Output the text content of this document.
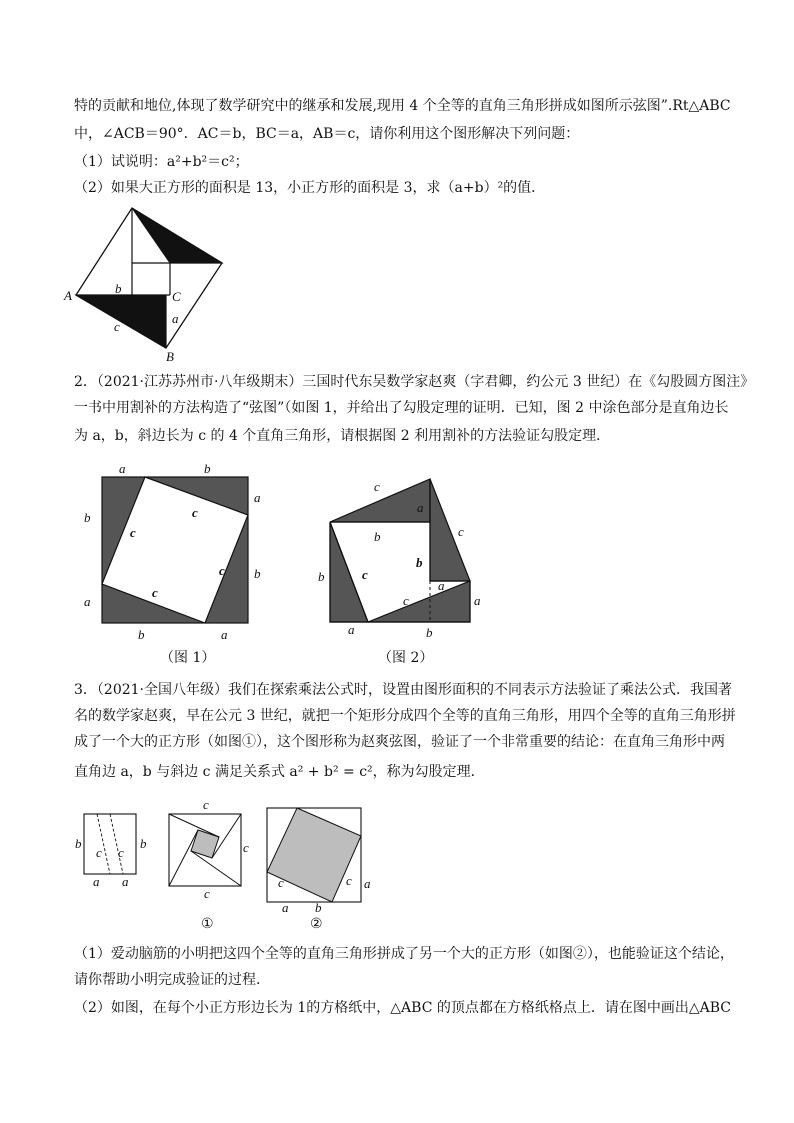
特的贡献和地位,体现了数学研究中的继承和发展,现用 4 个全等的直角三角形拼成如图所示弦图”.Rt△ABC
中，∠ACB＝90°．AC＝b，BC＝a，AB＝c，请你利用这个图形解决下列问题：
（1）试说明：a²+b²＝c²；
（2）如果大正方形的面积是 13，小正方形的面积是 3，求（a+b）²的值．
A
B
C
b
a
c
2．（2021·江苏苏州市·八年级期末）三国时代东吴数学家赵爽（字君卿，约公元 3 世纪）在《勾股圆方图注》
一书中用割补的方法构造了“弦图”（如图 1，并给出了勾股定理的证明．已知，图 2 中涂色部分是直角边长
为 a，b，斜边长为 c 的 4 个直角三角形，请根据图 2 利用割补的方法验证勾股定理．
a	b
a
b
b
a
b	a
c
c
c
c
（图 1）
c
c
a
b
c
b
b
a
c	a
a	b
（图 2）
3．（2021·全国八年级）我们在探索乘法公式时，设置由图形面积的不同表示方法验证了乘法公式．我国著
名的数学家赵爽，早在公元 3 世纪，就把一个矩形分成四个全等的直角三角形，用四个全等的直角三角形拼
成了一个大的正方形（如图①），这个图形称为赵爽弦图，验证了一个非常重要的结论：在直角三角形中两
直角边 a，b 与斜边 c 满足关系式 a² + b² = c²，称为勾股定理．
b	b
c c
a a
c
c
c
①
c	c a
a b
②
（1）爱动脑筋的小明把这四个全等的直角三角形拼成了另一个大的正方形（如图②），也能验证这个结论，
请你帮助小明完成验证的过程．
（2）如图，在每个小正方形边长为 1的方格纸中，△ABC 的顶点都在方格纸格点上．请在图中画出△ABC
